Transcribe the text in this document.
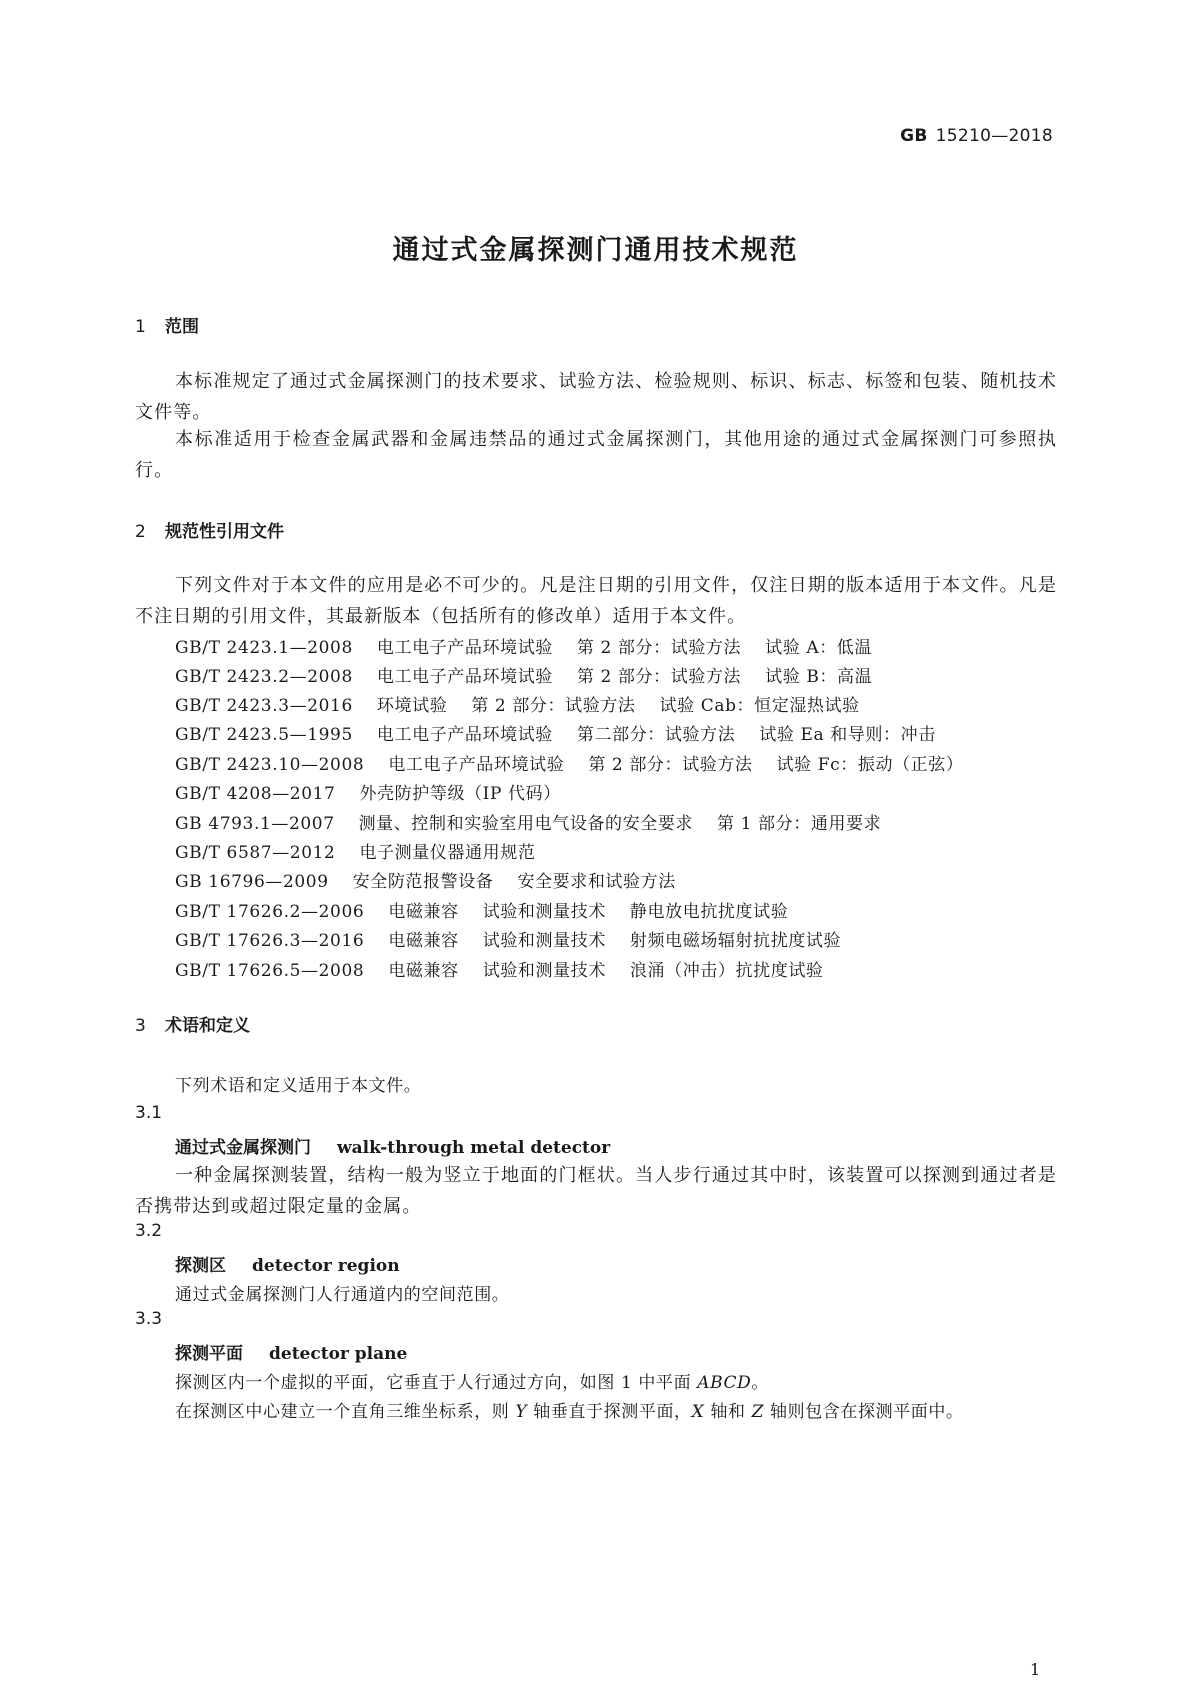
GB 15210—2018
通过式金属探测门通用技术规范
1 范围
本标准规定了通过式金属探测门的技术要求、试验方法、检验规则、标识、标志、标签和包装、随机技术文件等。
本标准适用于检查金属武器和金属违禁品的通过式金属探测门，其他用途的通过式金属探测门可参照执行。
2 规范性引用文件
下列文件对于本文件的应用是必不可少的。凡是注日期的引用文件，仅注日期的版本适用于本文件。凡是不注日期的引用文件，其最新版本（包括所有的修改单）适用于本文件。
GB/T 2423.1—2008 电工电子产品环境试验 第 2 部分：试验方法 试验 A：低温
GB/T 2423.2—2008 电工电子产品环境试验 第 2 部分：试验方法 试验 B：高温
GB/T 2423.3—2016 环境试验 第 2 部分：试验方法 试验 Cab：恒定湿热试验
GB/T 2423.5—1995 电工电子产品环境试验 第二部分：试验方法 试验 Ea 和导则：冲击
GB/T 2423.10—2008 电工电子产品环境试验 第 2 部分：试验方法 试验 Fc：振动（正弦）
GB/T 4208—2017 外壳防护等级（IP 代码）
GB 4793.1—2007 测量、控制和实验室用电气设备的安全要求 第 1 部分：通用要求
GB/T 6587—2012 电子测量仪器通用规范
GB 16796—2009 安全防范报警设备 安全要求和试验方法
GB/T 17626.2—2006 电磁兼容 试验和测量技术 静电放电抗扰度试验
GB/T 17626.3—2016 电磁兼容 试验和测量技术 射频电磁场辐射抗扰度试验
GB/T 17626.5—2008 电磁兼容 试验和测量技术 浪涌（冲击）抗扰度试验
3 术语和定义
下列术语和定义适用于本文件。
3.1
通过式金属探测门 walk-through metal detector
一种金属探测装置，结构一般为竖立于地面的门框状。当人步行通过其中时，该装置可以探测到通过者是否携带达到或超过限定量的金属。
3.2
探测区 detector region
通过式金属探测门人行通道内的空间范围。
3.3
探测平面 detector plane
探测区内一个虚拟的平面，它垂直于人行通过方向，如图 1 中平面 ABCD。
在探测区中心建立一个直角三维坐标系，则 Y 轴垂直于探测平面，X 轴和 Z 轴则包含在探测平面中。
1
